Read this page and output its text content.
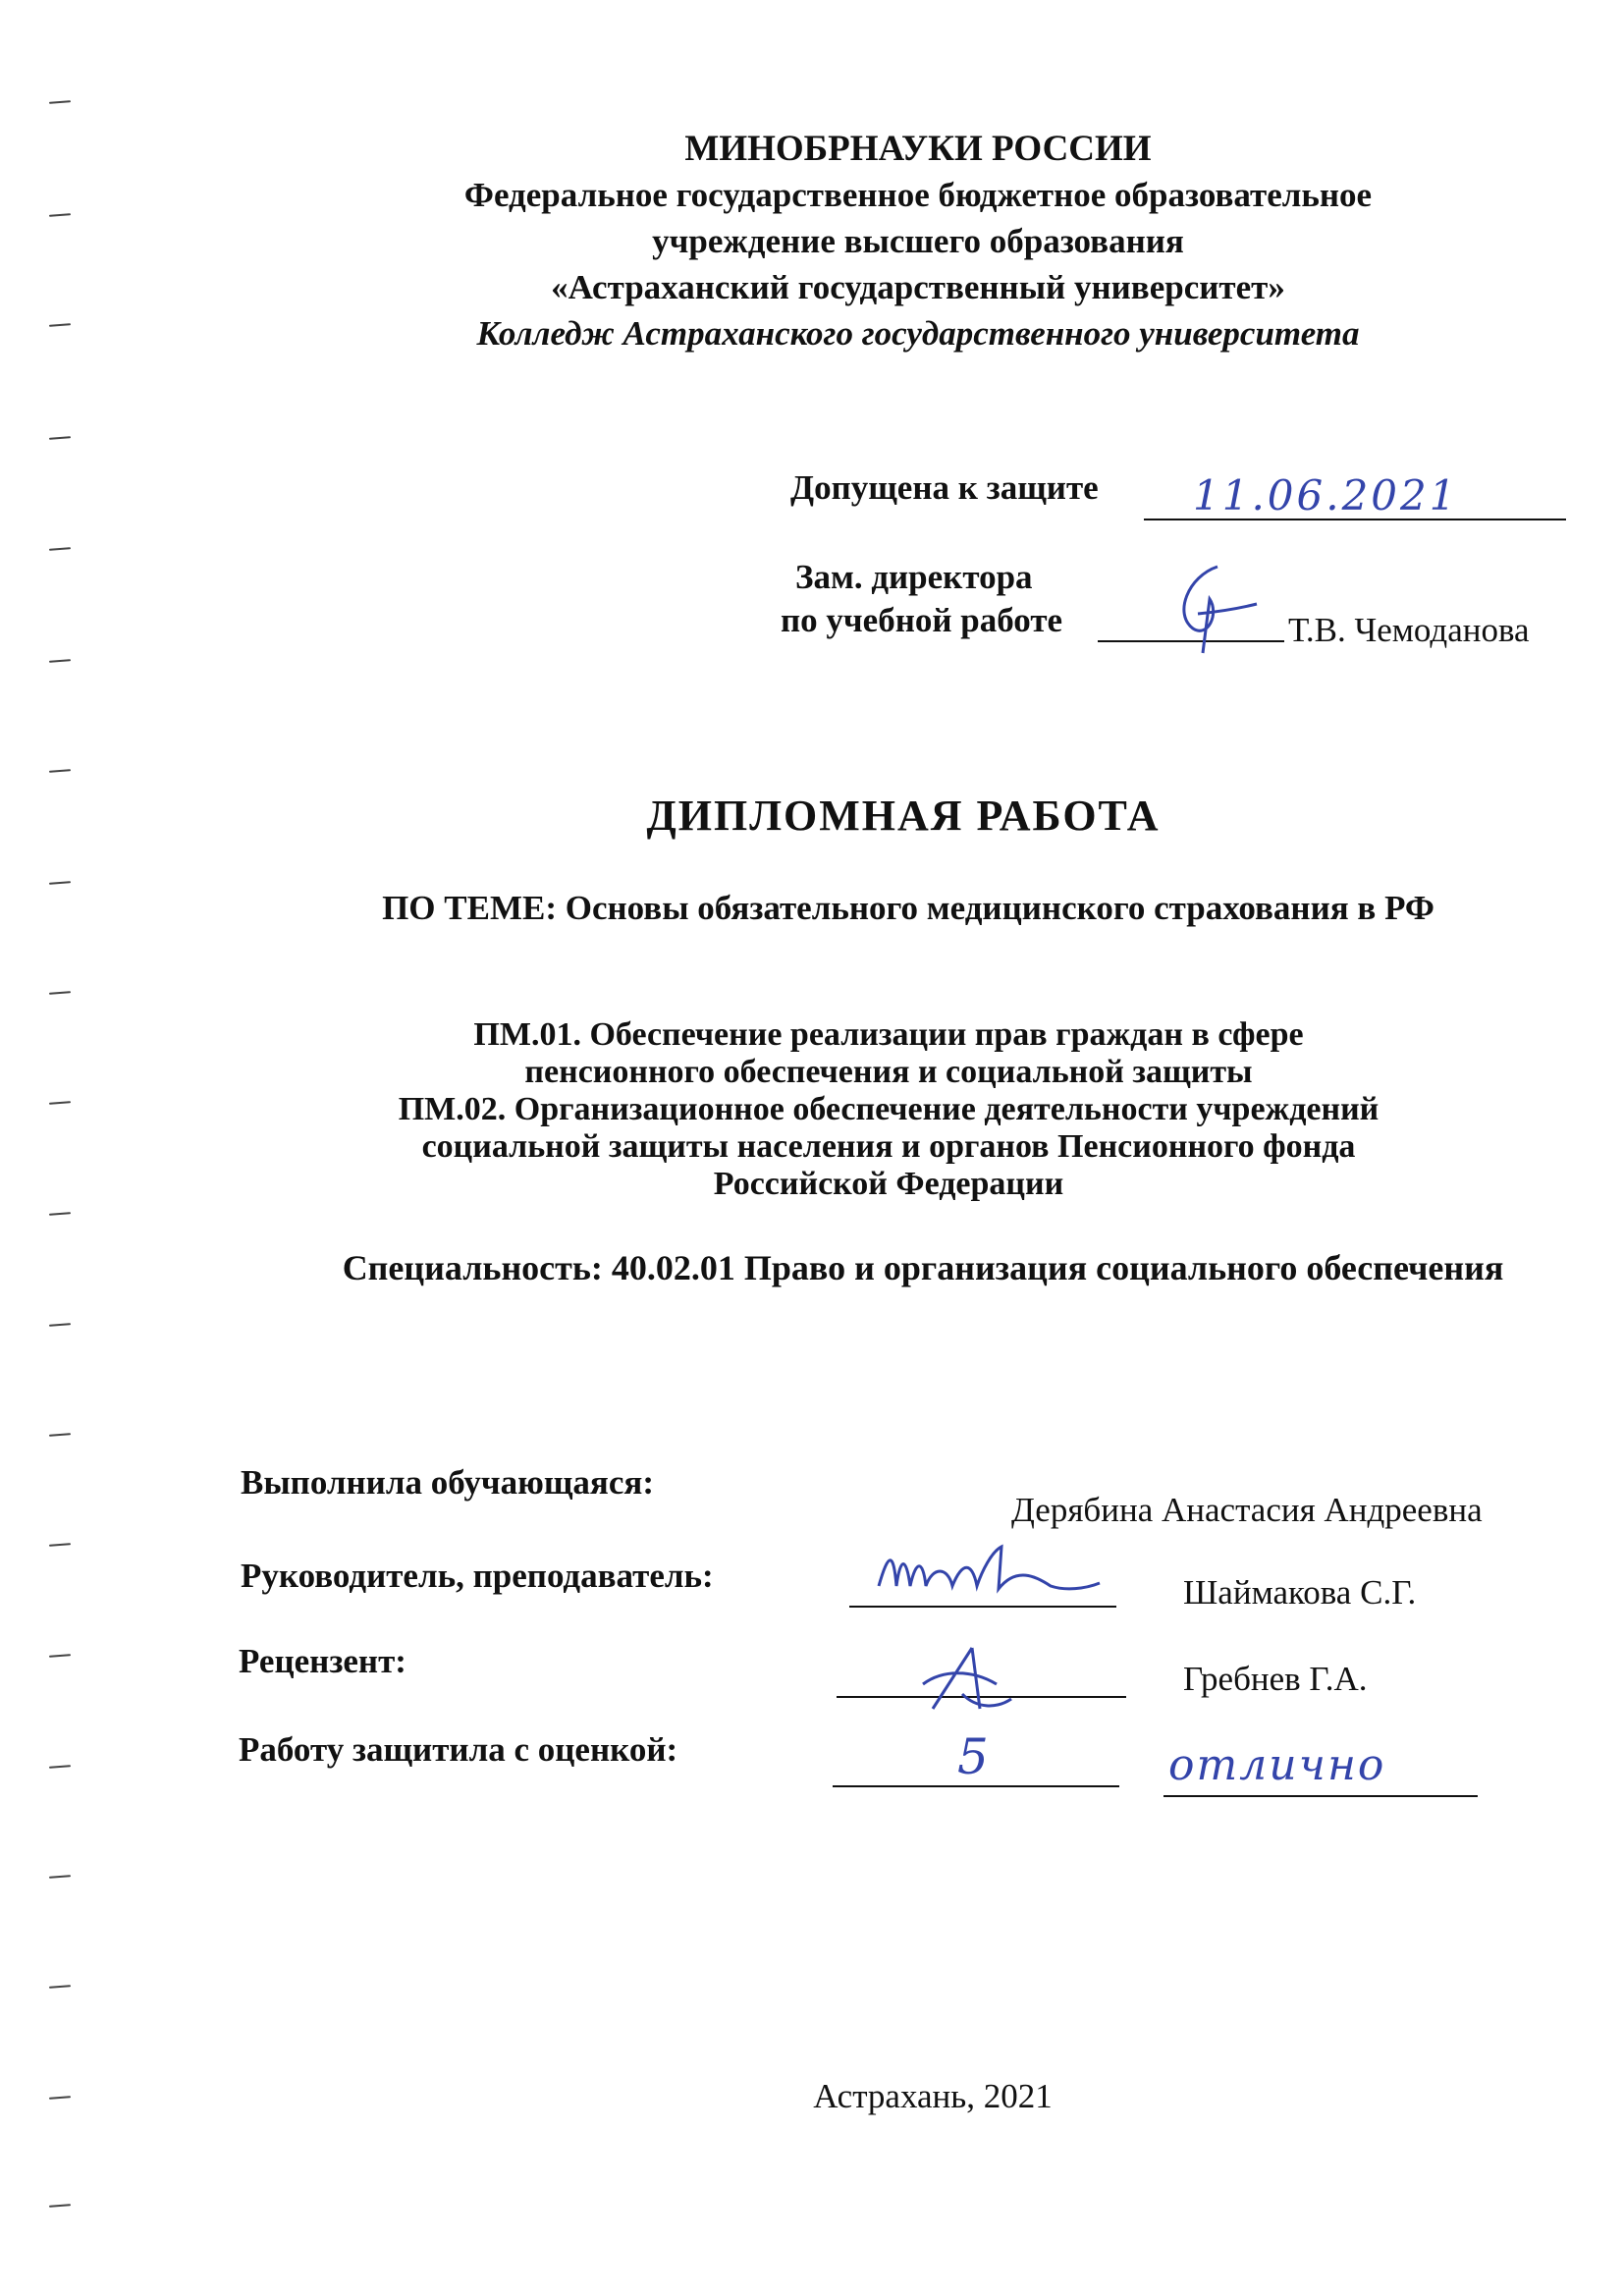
МИНОБРНАУКИ РОССИИ
Федеральное государственное бюджетное образовательное
учреждение высшего образования
«Астраханский государственный университет»
Колледж Астраханского государственного университета
Допущена к защите 11.06.2021
Зам. директора
по учебной работе	Т.В. Чемоданова
ДИПЛОМНАЯ РАБОТА
ПО ТЕМЕ: Основы обязательного медицинского страхования в РФ
ПМ.01. Обеспечение реализации прав граждан в сфере
пенсионного обеспечения и социальной защиты
ПМ.02. Организационное обеспечение деятельности учреждений
социальной защиты населения и органов Пенсионного фонда
Российской Федерации
Специальность: 40.02.01 Право и организация социального обеспечения
Выполнила обучающаяся:
Дерябина Анастасия Андреевна
Руководитель, преподаватель:	Шаймакова С.Г.
Рецензент:	Гребнев Г.А.
Работу защитила с оценкой:	5	отлично
Астрахань, 2021
